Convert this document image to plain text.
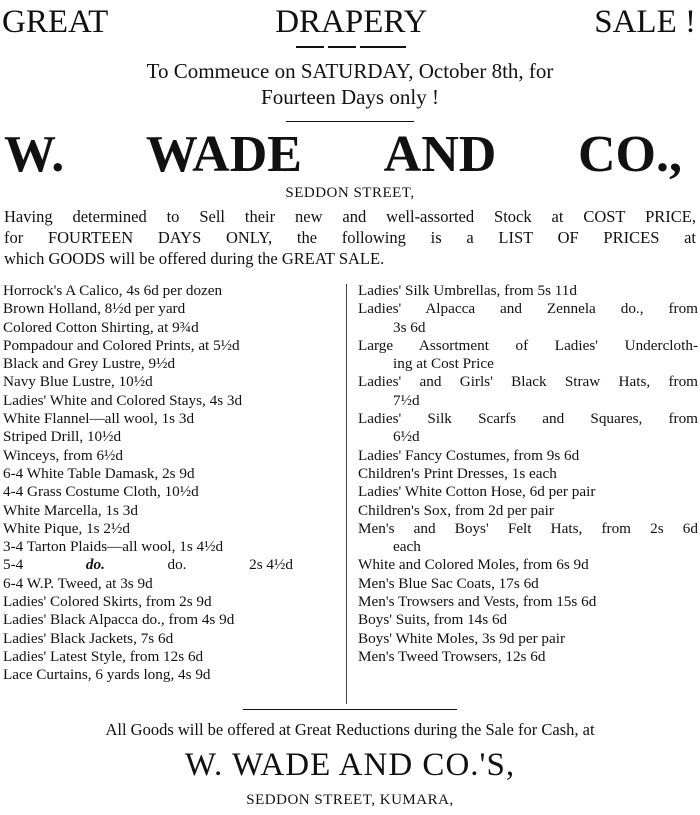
GREAT	DRAPERY	SALE !
To Commeuce on SATURDAY, October 8th, for
Fourteen Days only !
W. WADE AND CO.,
SEDDON STREET,
Having determined to Sell their new and well-assorted Stock at COST PRICE,
for FOURTEEN DAYS ONLY, the following is a LIST OF PRICES at
which GOODS will be offered during the GREAT SALE.
Horrock's A Calico, 4s 6d per dozen
Brown Holland, 8½d per yard
Colored Cotton Shirting, at 9¾d
Pompadour and Colored Prints, at 5½d
Black and Grey Lustre, 9½d
Navy Blue Lustre, 10½d
Ladies' White and Colored Stays, 4s 3d
White Flannel—all wool, 1s 3d
Striped Drill, 10½d
Winceys, from 6½d
6-4 White Table Damask, 2s 9d
4-4 Grass Costume Cloth, 10½d
White Marcella, 1s 3d
White Pique, 1s 2½d
3-4 Tarton Plaids—all wool, 1s 4½d
5-4	do.	do.	2s 4½d
6-4 W.P. Tweed, at 3s 9d
Ladies' Colored Skirts, from 2s 9d
Ladies' Black Alpacca do., from 4s 9d
Ladies' Black Jackets, 7s 6d
Ladies' Latest Style, from 12s 6d
Lace Curtains, 6 yards long, 4s 9d
Ladies' Silk Umbrellas, from 5s 11d
Ladies' Alpacca and Zennela do., from
3s 6d
Large Assortment of Ladies' Undercloth-
ing at Cost Price
Ladies' and Girls' Black Straw Hats, from
7½d
Ladies' Silk Scarfs and Squares, from
6½d
Ladies' Fancy Costumes, from 9s 6d
Children's Print Dresses, 1s each
Ladies' White Cotton Hose, 6d per pair
Children's Sox, from 2d per pair
Men's and Boys' Felt Hats, from 2s 6d
each
White and Colored Moles, from 6s 9d
Men's Blue Sac Coats, 17s 6d
Men's Trowsers and Vests, from 15s 6d
Boys' Suits, from 14s 6d
Boys' White Moles, 3s 9d per pair
Men's Tweed Trowsers, 12s 6d
All Goods will be offered at Great Reductions during the Sale for Cash, at
W. WADE AND CO.'S,
SEDDON STREET, KUMARA,
